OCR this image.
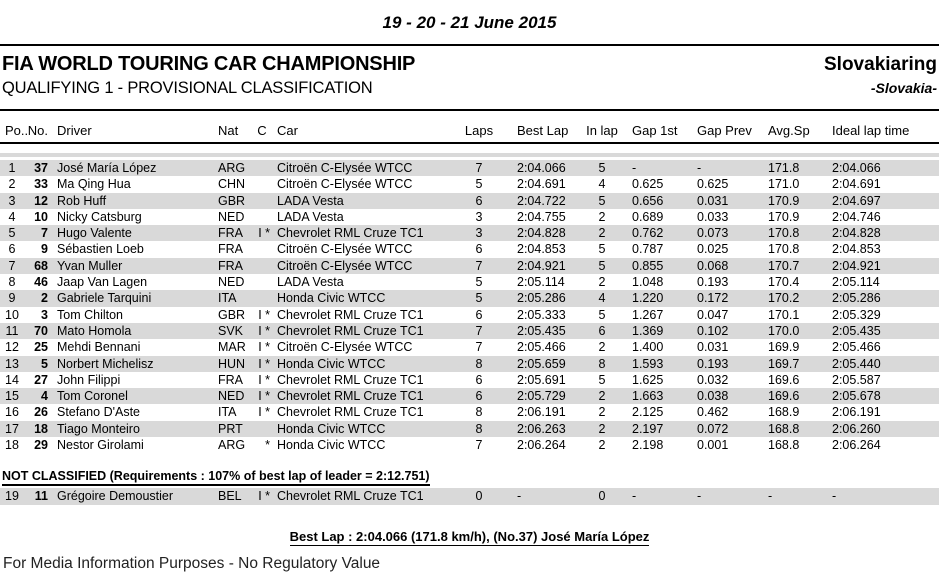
19 - 20 - 21 June 2015
FIA WORLD TOURING CAR CHAMPIONSHIP	Slovakiaring
QUALIFYING 1 - PROVISIONAL CLASSIFICATION	-Slovakia-
Po..	No.	Driver	Nat	C	Car	Laps	Best Lap	In lap	Gap 1st	Gap Prev	Avg.Sp	Ideal lap time

1	37	José María López	ARG		Citroën C-Elysée WTCC	7	2:04.066	5	-	-	171.8	2:04.066
2	33	Ma Qing Hua	CHN		Citroën C-Elysée WTCC	5	2:04.691	4	0.625	0.625	171.0	2:04.691
3	12	Rob Huff	GBR		LADA Vesta	6	2:04.722	5	0.656	0.031	170.9	2:04.697
4	10	Nicky Catsburg	NED		LADA Vesta	3	2:04.755	2	0.689	0.033	170.9	2:04.746
5	7	Hugo Valente	FRA	I *	Chevrolet RML Cruze TC1	3	2:04.828	2	0.762	0.073	170.8	2:04.828
6	9	Sébastien Loeb	FRA		Citroën C-Elysée WTCC	6	2:04.853	5	0.787	0.025	170.8	2:04.853
7	68	Yvan Muller	FRA		Citroën C-Elysée WTCC	7	2:04.921	5	0.855	0.068	170.7	2:04.921
8	46	Jaap Van Lagen	NED		LADA Vesta	5	2:05.114	2	1.048	0.193	170.4	2:05.114
9	2	Gabriele Tarquini	ITA		Honda Civic WTCC	5	2:05.286	4	1.220	0.172	170.2	2:05.286
10	3	Tom Chilton	GBR	I *	Chevrolet RML Cruze TC1	6	2:05.333	5	1.267	0.047	170.1	2:05.329
11	70	Mato Homola	SVK	I *	Chevrolet RML Cruze TC1	7	2:05.435	6	1.369	0.102	170.0	2:05.435
12	25	Mehdi Bennani	MAR	I *	Citroën C-Elysée WTCC	7	2:05.466	2	1.400	0.031	169.9	2:05.466
13	5	Norbert Michelisz	HUN	I *	Honda Civic WTCC	8	2:05.659	8	1.593	0.193	169.7	2:05.440
14	27	John Filippi	FRA	I *	Chevrolet RML Cruze TC1	6	2:05.691	5	1.625	0.032	169.6	2:05.587
15	4	Tom Coronel	NED	I *	Chevrolet RML Cruze TC1	6	2:05.729	2	1.663	0.038	169.6	2:05.678
16	26	Stefano D'Aste	ITA	I *	Chevrolet RML Cruze TC1	8	2:06.191	2	2.125	0.462	168.9	2:06.191
17	18	Tiago Monteiro	PRT		Honda Civic WTCC	8	2:06.263	2	2.197	0.072	168.8	2:06.260
18	29	Nestor Girolami	ARG	*	Honda Civic WTCC	7	2:06.264	2	2.198	0.001	168.8	2:06.264
NOT CLASSIFIED (Requirements : 107% of best lap of leader = 2:12.751)
19	11	Grégoire Demoustier	BEL	I *	Chevrolet RML Cruze TC1	0	-	0	-	-	-	-
Best Lap : 2:04.066 (171.8 km/h), (No.37) José María López
For Media Information Purposes - No Regulatory Value
